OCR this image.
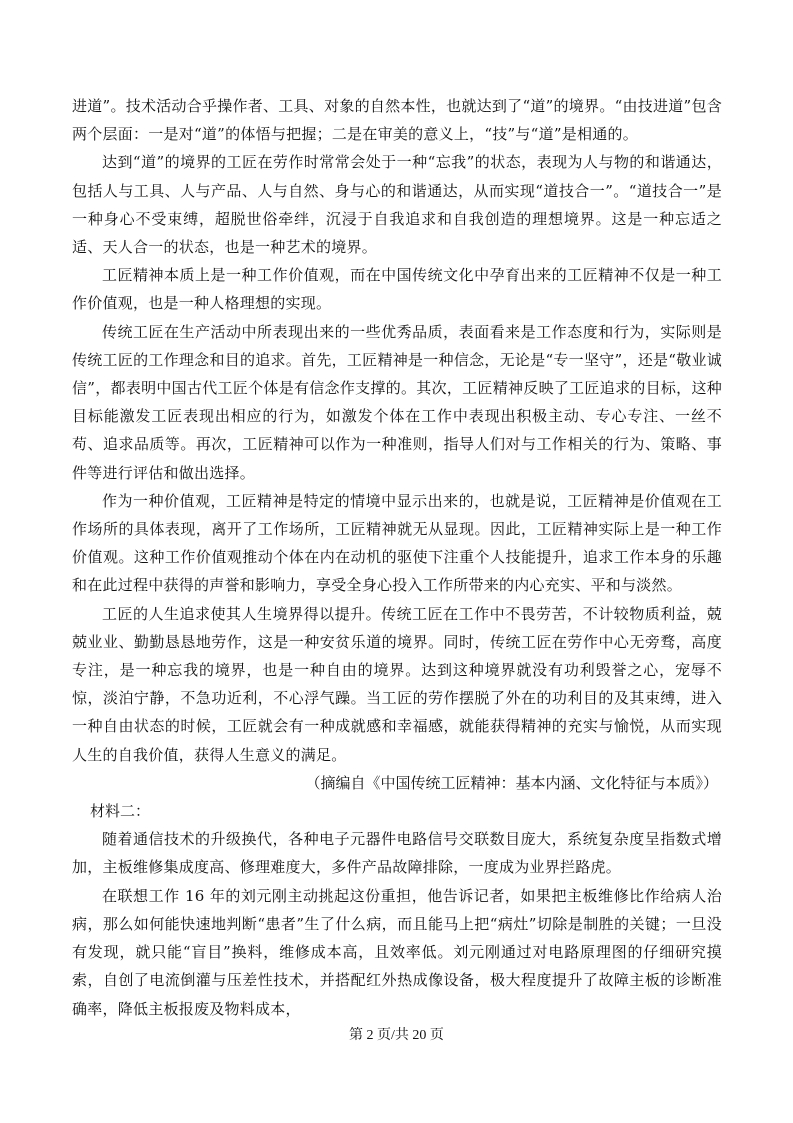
进道”。技术活动合乎操作者、工具、对象的自然本性，也就达到了“道”的境界。“由技进道”包含两个层面：一是对“道”的体悟与把握；二是在审美的意义上，“技”与“道”是相通的。

达到“道”的境界的工匠在劳作时常常会处于一种“忘我”的状态，表现为人与物的和谐通达，包括人与工具、人与产品、人与自然、身与心的和谐通达，从而实现“道技合一”。“道技合一”是一种身心不受束缚，超脱世俗牵绊，沉浸于自我追求和自我创造的理想境界。这是一种忘适之适、天人合一的状态，也是一种艺术的境界。

工匠精神本质上是一种工作价值观，而在中国传统文化中孕育出来的工匠精神不仅是一种工作价值观，也是一种人格理想的实现。

传统工匠在生产活动中所表现出来的一些优秀品质，表面看来是工作态度和行为，实际则是传统工匠的工作理念和目的追求。首先，工匠精神是一种信念，无论是“专一坚守”，还是“敬业诚信”，都表明中国古代工匠个体是有信念作支撑的。其次，工匠精神反映了工匠追求的目标，这种目标能激发工匠表现出相应的行为，如激发个体在工作中表现出积极主动、专心专注、一丝不苟、追求品质等。再次，工匠精神可以作为一种准则，指导人们对与工作相关的行为、策略、事件等进行评估和做出选择。

作为一种价值观，工匠精神是特定的情境中显示出来的，也就是说，工匠精神是价值观在工作场所的具体表现，离开了工作场所，工匠精神就无从显现。因此，工匠精神实际上是一种工作价值观。这种工作价值观推动个体在内在动机的驱使下注重个人技能提升，追求工作本身的乐趣和在此过程中获得的声誉和影响力，享受全身心投入工作所带来的内心充实、平和与淡然。

工匠的人生追求使其人生境界得以提升。传统工匠在工作中不畏劳苦，不计较物质利益，兢兢业业、勤勤恳恳地劳作，这是一种安贫乐道的境界。同时，传统工匠在劳作中心无旁骛，高度专注，是一种忘我的境界，也是一种自由的境界。达到这种境界就没有功利毁誉之心，宠辱不惊，淡泊宁静，不急功近利，不心浮气躁。当工匠的劳作摆脱了外在的功利目的及其束缚，进入一种自由状态的时候，工匠就会有一种成就感和幸福感，就能获得精神的充实与愉悦，从而实现人生的自我价值，获得人生意义的满足。

（摘编自《中国传统工匠精神：基本内涵、文化特征与本质》）

材料二：

随着通信技术的升级换代，各种电子元器件电路信号交联数目庞大，系统复杂度呈指数式增加，主板维修集成度高、修理难度大，多件产品故障排除，一度成为业界拦路虎。

在联想工作 16 年的刘元刚主动挑起这份重担，他告诉记者，如果把主板维修比作给病人治病，那么如何能快速地判断“患者”生了什么病，而且能马上把“病灶”切除是制胜的关键；一旦没有发现，就只能“盲目”换料，维修成本高，且效率低。刘元刚通过对电路原理图的仔细研究摸索，自创了电流倒灌与压差性技术，并搭配红外热成像设备，极大程度提升了故障主板的诊断准确率，降低主板报废及物料成本，

第 2 页/共 20 页
